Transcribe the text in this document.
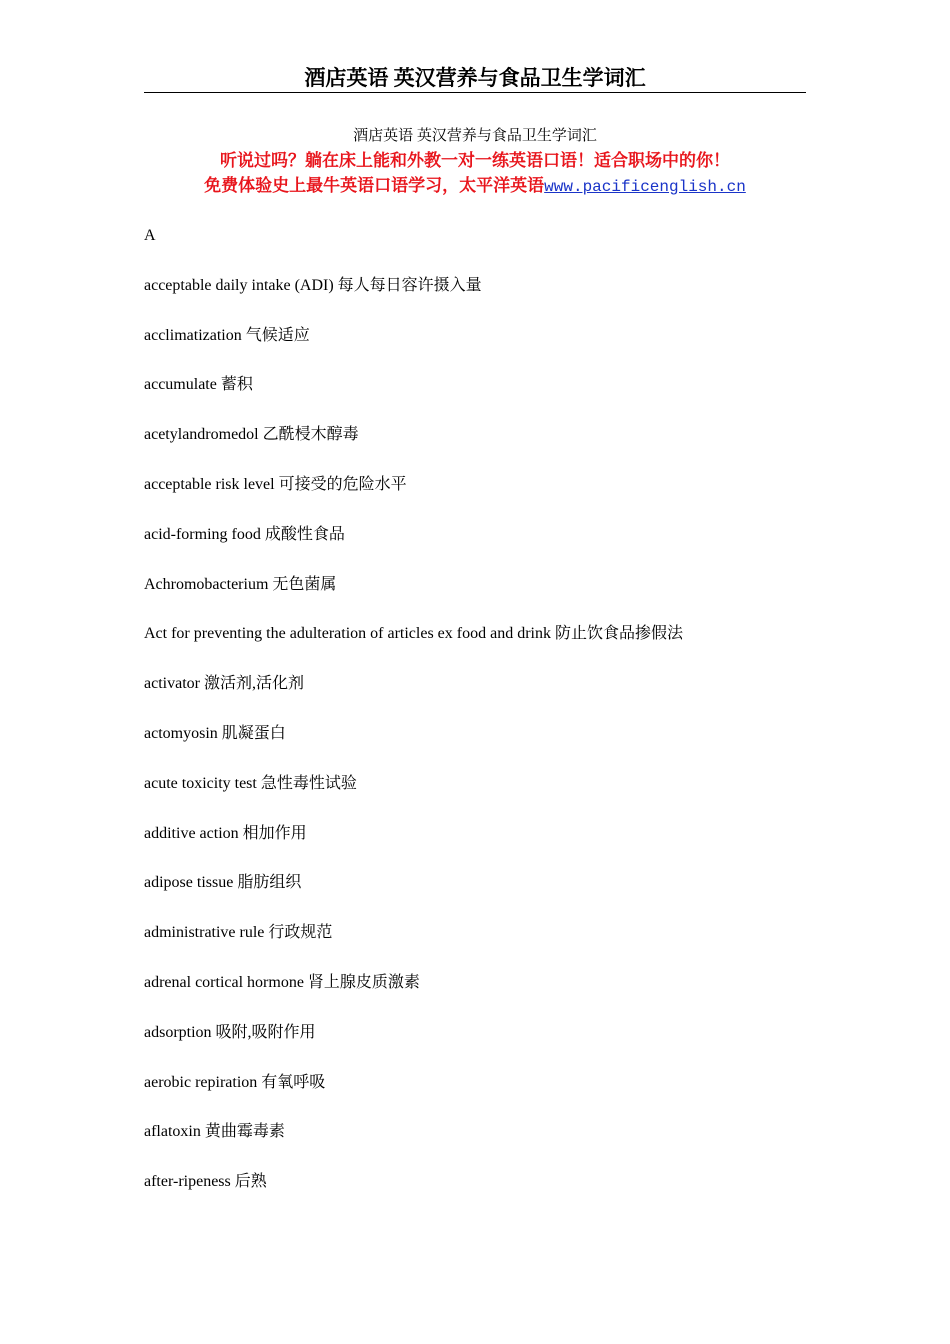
酒店英语 英汉营养与食品卫生学词汇
酒店英语 英汉营养与食品卫生学词汇
听说过吗？躺在床上能和外教一对一练英语口语！适合职场中的你！
免费体验史上最牛英语口语学习，太平洋英语www.pacificenglish.cn
A
acceptable daily intake (ADI) 每人每日容许摄入量
acclimatization 气候适应
accumulate 蓄积
acetylandromedol 乙酰梫木醇毒
acceptable risk level 可接受的危险水平
acid-forming food 成酸性食品
Achromobacterium 无色菌属
Act for preventing the adulteration of articles ex food and drink 防止饮食品掺假法
activator 激活剂,活化剂
actomyosin 肌凝蛋白
acute toxicity test 急性毒性试验
additive action 相加作用
adipose tissue 脂肪组织
administrative rule 行政规范
adrenal cortical hormone 肾上腺皮质激素
adsorption 吸附,吸附作用
aerobic repiration 有氧呼吸
aflatoxin 黄曲霉毒素
after-ripeness 后熟
